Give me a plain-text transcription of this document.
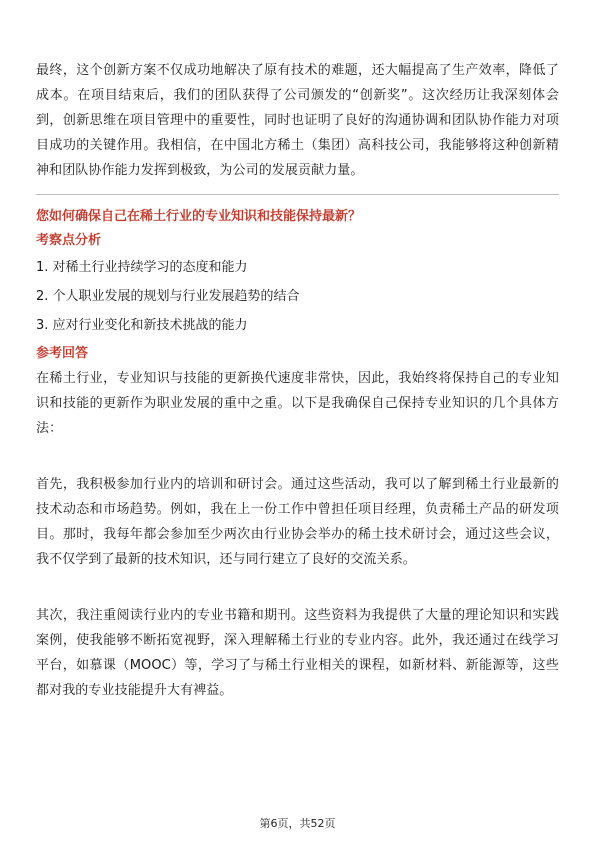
最终，这个创新方案不仅成功地解决了原有技术的难题，还大幅提高了生产效率，降低了成本。在项目结束后，我们的团队获得了公司颁发的“创新奖”。这次经历让我深刻体会到，创新思维在项目管理中的重要性，同时也证明了良好的沟通协调和团队协作能力对项目成功的关键作用。我相信，在中国北方稀土（集团）高科技公司，我能够将这种创新精神和团队协作能力发挥到极致，为公司的发展贡献力量。

您如何确保自己在稀土行业的专业知识和技能保持最新？

考察点分析

1. 对稀土行业持续学习的态度和能力
2. 个人职业发展的规划与行业发展趋势的结合
3. 应对行业变化和新技术挑战的能力

参考回答

在稀土行业，专业知识与技能的更新换代速度非常快，因此，我始终将保持自己的专业知识和技能的更新作为职业发展的重中之重。以下是我确保自己保持专业知识的几个具体方法：

首先，我积极参加行业内的培训和研讨会。通过这些活动，我可以了解到稀土行业最新的技术动态和市场趋势。例如，我在上一份工作中曾担任项目经理，负责稀土产品的研发项目。那时，我每年都会参加至少两次由行业协会举办的稀土技术研讨会，通过这些会议，我不仅学到了最新的技术知识，还与同行建立了良好的交流关系。

其次，我注重阅读行业内的专业书籍和期刊。这些资料为我提供了大量的理论知识和实践案例，使我能够不断拓宽视野，深入理解稀土行业的专业内容。此外，我还通过在线学习平台，如慕课（MOOC）等，学习了与稀土行业相关的课程，如新材料、新能源等，这些都对我的专业技能提升大有裨益。

第6页，共52页
